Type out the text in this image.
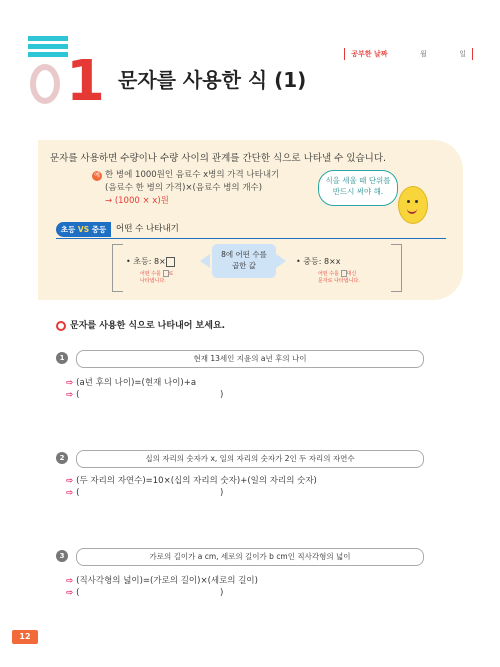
1 문자를 사용한 식 (1)
공부한 날짜	월	일
문자를 사용하면 수량이나 수량 사이의 관계를 간단한 식으로 나타낼 수 있습니다.
예 한 병에 1000원인 음료수 x병의 가격 나타내기
(음료수 한 병의 가격)×(음료수 병의 개수)
→ (1000 × x)원
식을 세울 때 단위를
반드시 써야 해.
초등 VS 중등	어떤 수 나타내기
• 초등: 8×
어떤 수를 로
나타냅니다.
8에 어떤 수를
곱한 값	• 중등: 8×x
어떤 수를 대신
문자로 나타냅니다.
문자를 사용한 식으로 나타내어 보세요.
1	현재 13세인 지윤의 a년 후의 나이
⇨ (a년 후의 나이)=(현재 나이)+a
⇨ (	)
2	십의 자리의 숫자가 x, 일의 자리의 숫자가 2인 두 자리의 자연수
⇨ (두 자리의 자연수)=10×(십의 자리의 숫자)+(일의 자리의 숫자)
⇨ (	)
3	가로의 길이가 a cm, 세로의 길이가 b cm인 직사각형의 넓이
⇨ (직사각형의 넓이)=(가로의 길이)×(세로의 길이)
⇨ (	)
12
